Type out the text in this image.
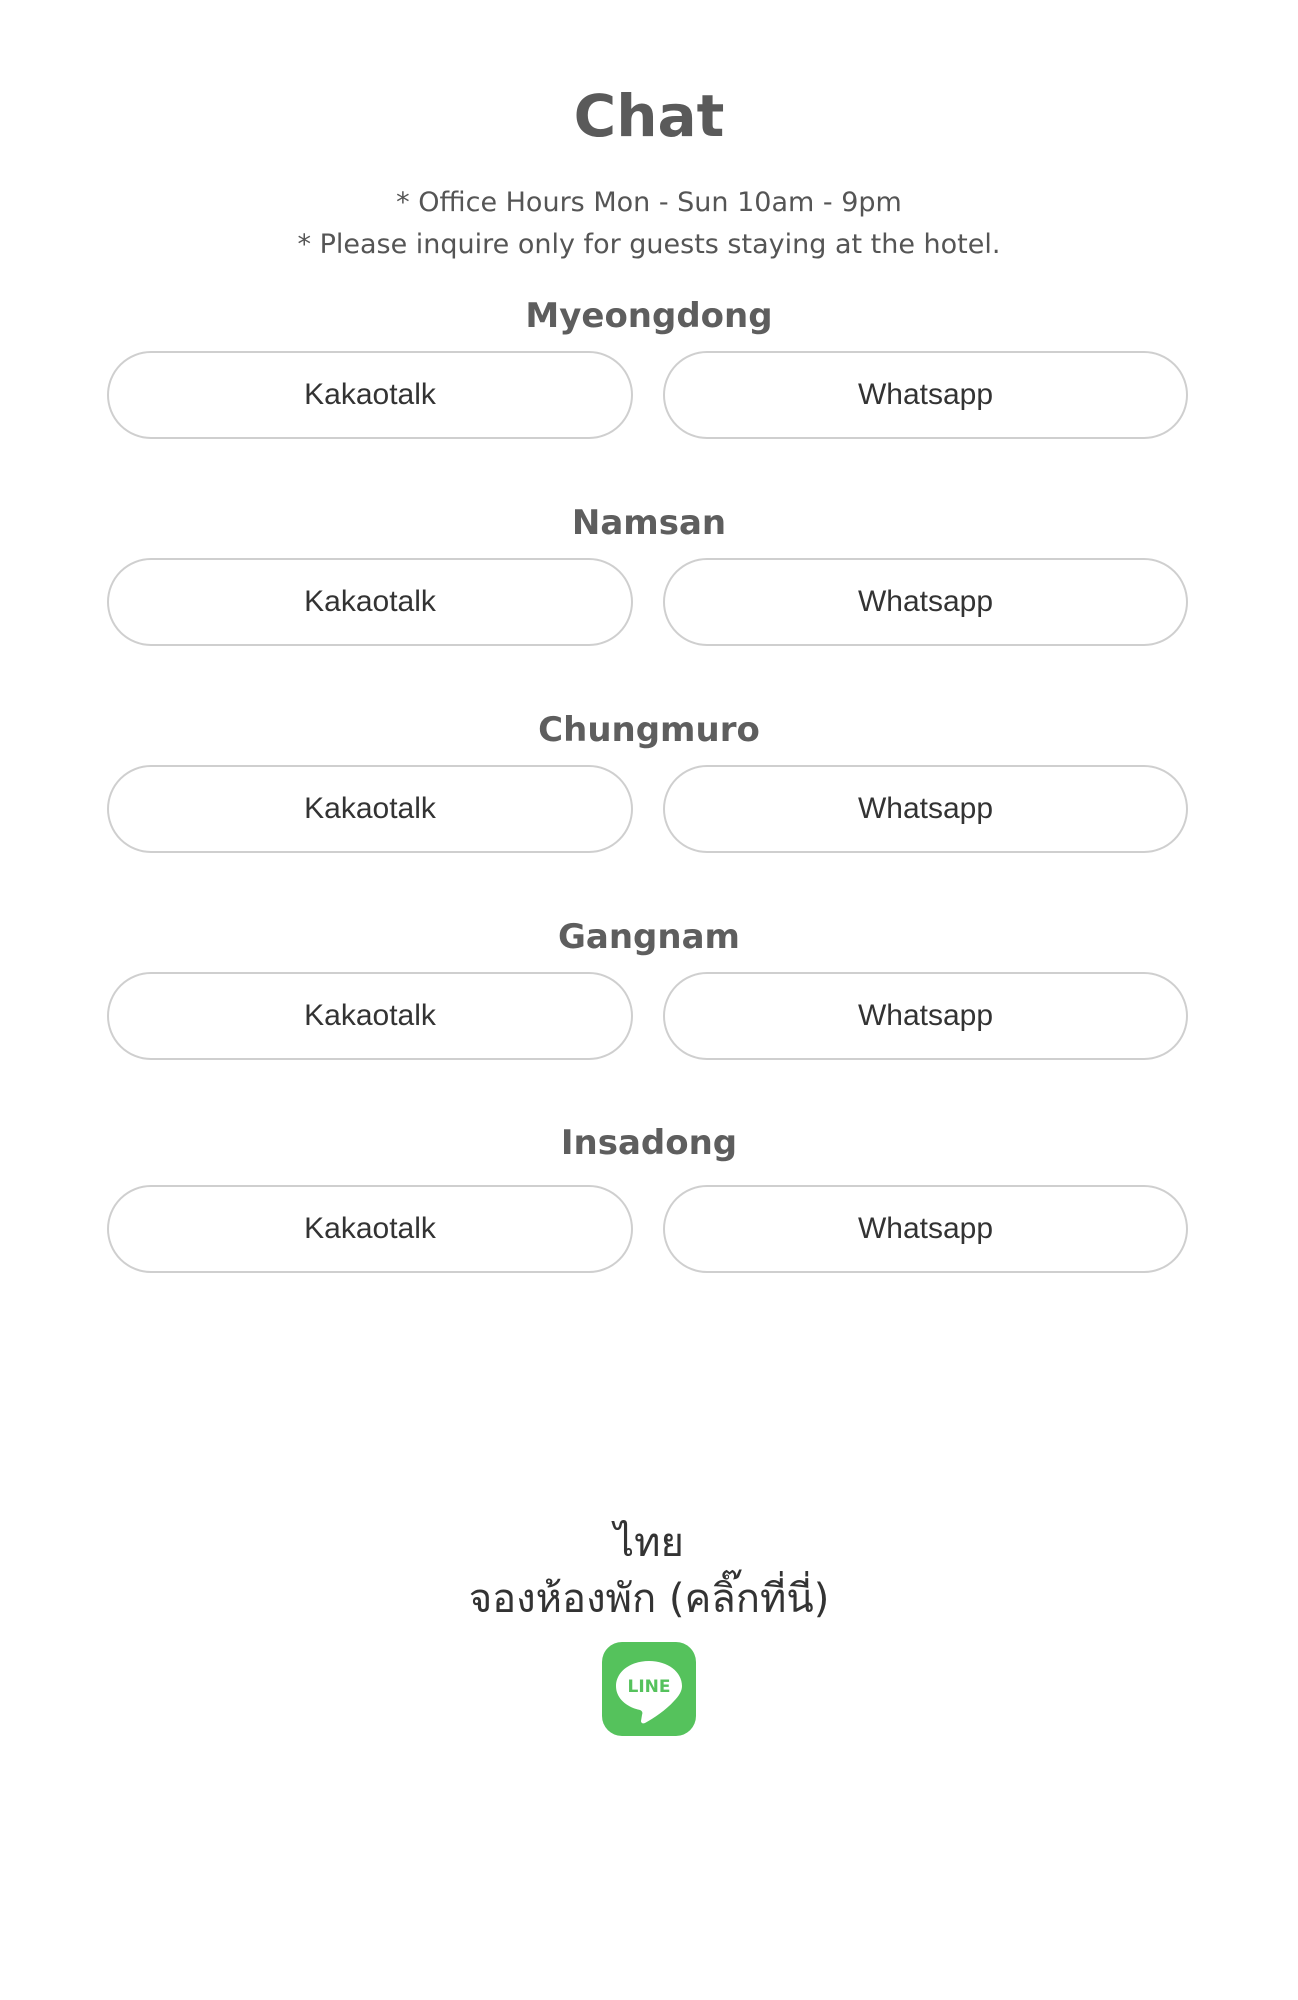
Chat
* Office Hours Mon - Sun 10am - 9pm
* Please inquire only for guests staying at the hotel.
Myeongdong
Kakaotalk	Whatsapp
Namsan
Kakaotalk	Whatsapp
Chungmuro
Kakaotalk	Whatsapp
Gangnam
Kakaotalk	Whatsapp
Insadong
Kakaotalk	Whatsapp
ไทย
จองห้องพัก (คลิ๊กที่นี่)
LINE
